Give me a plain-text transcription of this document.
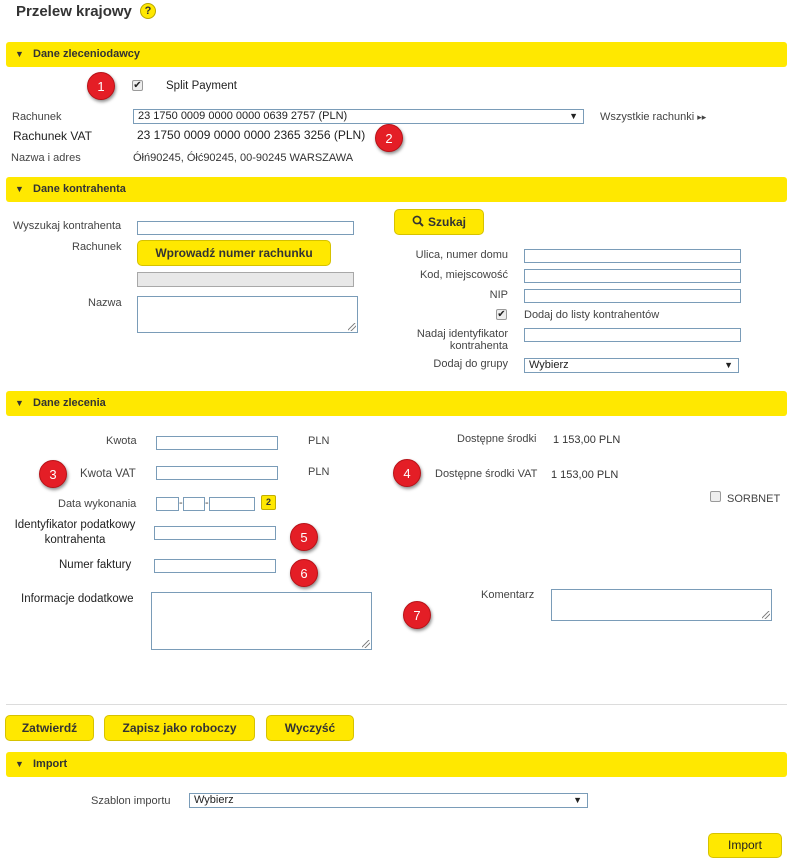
Przelew krajowy	?
▼ Dane zleceniodawcy
1	✔ Split Payment
Rachunek	23 1750 0009 0000 0000 0639 2757 (PLN)	▼ Wszystkie rachunki ▸▸
Rachunek VAT	23 1750 0009 0000 0000 2365 3256 (PLN)	2
Nazwa i adres	Ółń90245, Ółć90245, 00-90245 WARSZAWA
▼ Dane kontrahenta
Wyszukaj kontrahenta	Szukaj
Rachunek	Wprowadź numer rachunku
Nazwa
Ulica, numer domu
Kod, miejscowość
NIP
✔ Dodaj do listy kontrahentów
Nadaj identyfikator
kontrahenta
Dodaj do grupy	Wybierz	▼
▼ Dane zlecenia
Kwota	PLN	Dostępne środki 1 153,00 PLN
3	Kwota VAT	PLN	4	Dostępne środki VAT 1 153,00 PLN
SORBNET
Data wykonania	- -	2
Identyfikator podatkowy
kontrahenta	5
Numer faktury
6
Informacje dodatkowe
7
Komentarz
Zatwierdź	Zapisz jako roboczy	Wyczyść
▼ Import
Szablon importu	Wybierz	▼
Import
